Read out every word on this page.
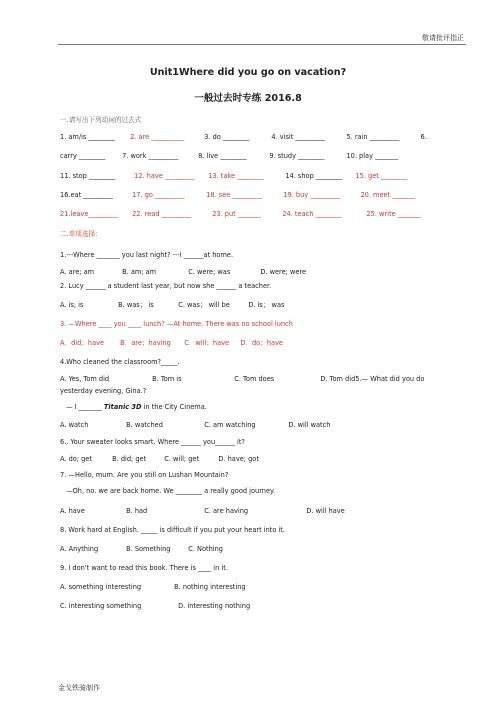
敬请批评指正
Unit1Where did you go on vacation?
一般过去时专练 2016.8
一.请写出下列动词的过去式
1. am/is ________ 2. are __________	3. do ________	4. visit _________	5. rain _________	6.
carry ________	7. work _________	8. live ________	9. study ________	10. play _______
11. stop ________	12. have _________ 13. take ________	14. shop ________ 15. get ________
16.eat _________	17. go _________	18. see _________	19. buy _________	20. meet _______
21.leave_________ 22. read _________	23. put _______	24. teach ________	25. write _______
二.单项选择：
1.---Where _______ you last night? ---I ______at home.
A. are; am	B. am; am	C. were; was	D. were; were
2. Lucy ______ a student last year, but now she ______ a teacher.
A. is; is	B. was； is	C. was； will be	D. is； was
3. —Where ____ you ____ lunch? —At home. There was no school lunch
A．did；have B．are；having C．will；have D．do；have
4.Who cleaned the classroom?_____.
A. Yes, Tom did	B. Tom is	C. Tom does	D. Tom did5.— What did you do
yesterday evening, Gina.?
— I _______ Titanic 3D in the City Cinema.
A. watch	B. watched	C. am watching	D. will watch
6.. Your sweater looks smart. Where ______ you______ it?
A. do; get	B. did; get	C. will; get	D. have; got
7. —Hello, mum. Are you still on Lushan Mountain?
—Oh, no. we are back home. We ________ a really good journey.
A. have	B. had	C. are having	D. will have
8. Work hard at English. _____ is difficult if you put your heart into it.
A. Anything	B. Something	C. Nothing
9. I don't want to read this book. There is ____ in it.
A. something interesting	B. nothing interesting
C. interesting something	D. interesting nothing
金戈铁骑制作
